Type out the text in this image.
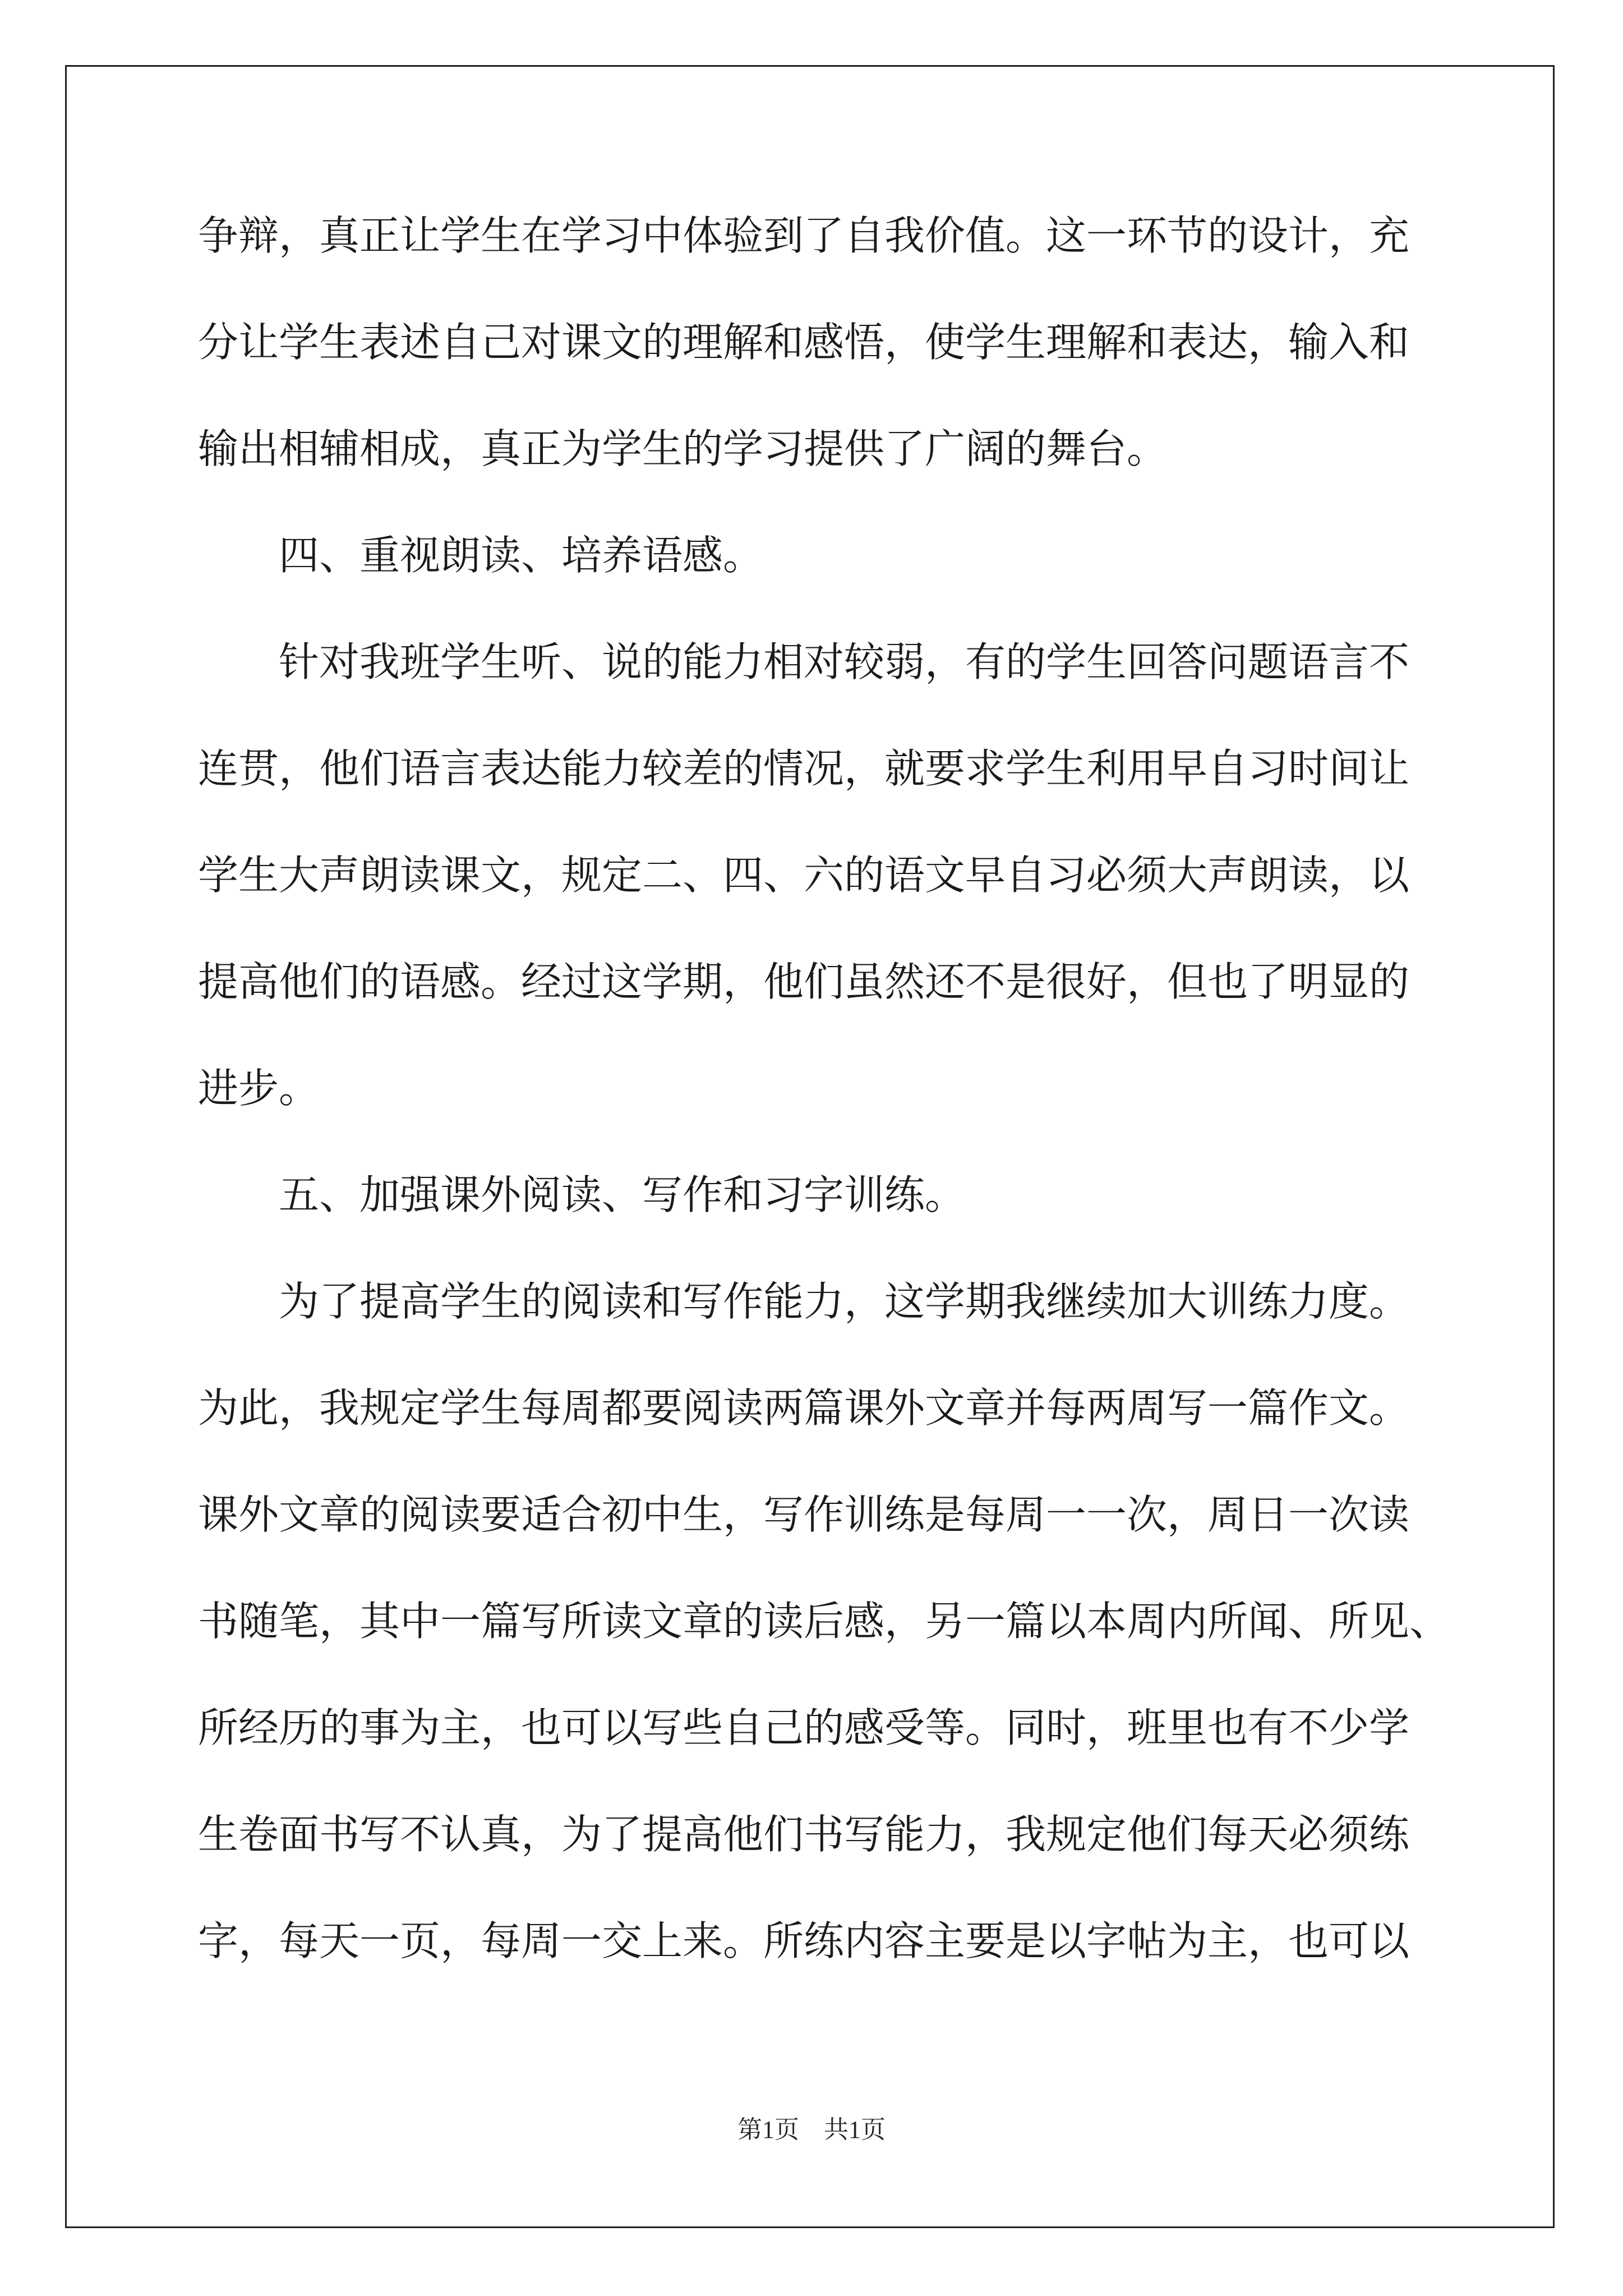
争辩，真正让学生在学习中体验到了自我价值。这一环节的设计，充
分让学生表述自己对课文的理解和感悟，使学生理解和表达，输入和
输出相辅相成，真正为学生的学习提供了广阔的舞台。
　　四、重视朗读、培养语感。
　　针对我班学生听、说的能力相对较弱，有的学生回答问题语言不
连贯，他们语言表达能力较差的情况，就要求学生利用早自习时间让
学生大声朗读课文，规定二、四、六的语文早自习必须大声朗读，以
提高他们的语感。经过这学期，他们虽然还不是很好，但也了明显的
进步。
　　五、加强课外阅读、写作和习字训练。
　　为了提高学生的阅读和写作能力，这学期我继续加大训练力度。
为此，我规定学生每周都要阅读两篇课外文章并每两周写一篇作文。
课外文章的阅读要适合初中生，写作训练是每周一一次，周日一次读
书随笔，其中一篇写所读文章的读后感，另一篇以本周内所闻、所见、
所经历的事为主，也可以写些自己的感受等。同时，班里也有不少学
生卷面书写不认真，为了提高他们书写能力，我规定他们每天必须练
字，每天一页，每周一交上来。所练内容主要是以字帖为主，也可以
第1页　共1页
